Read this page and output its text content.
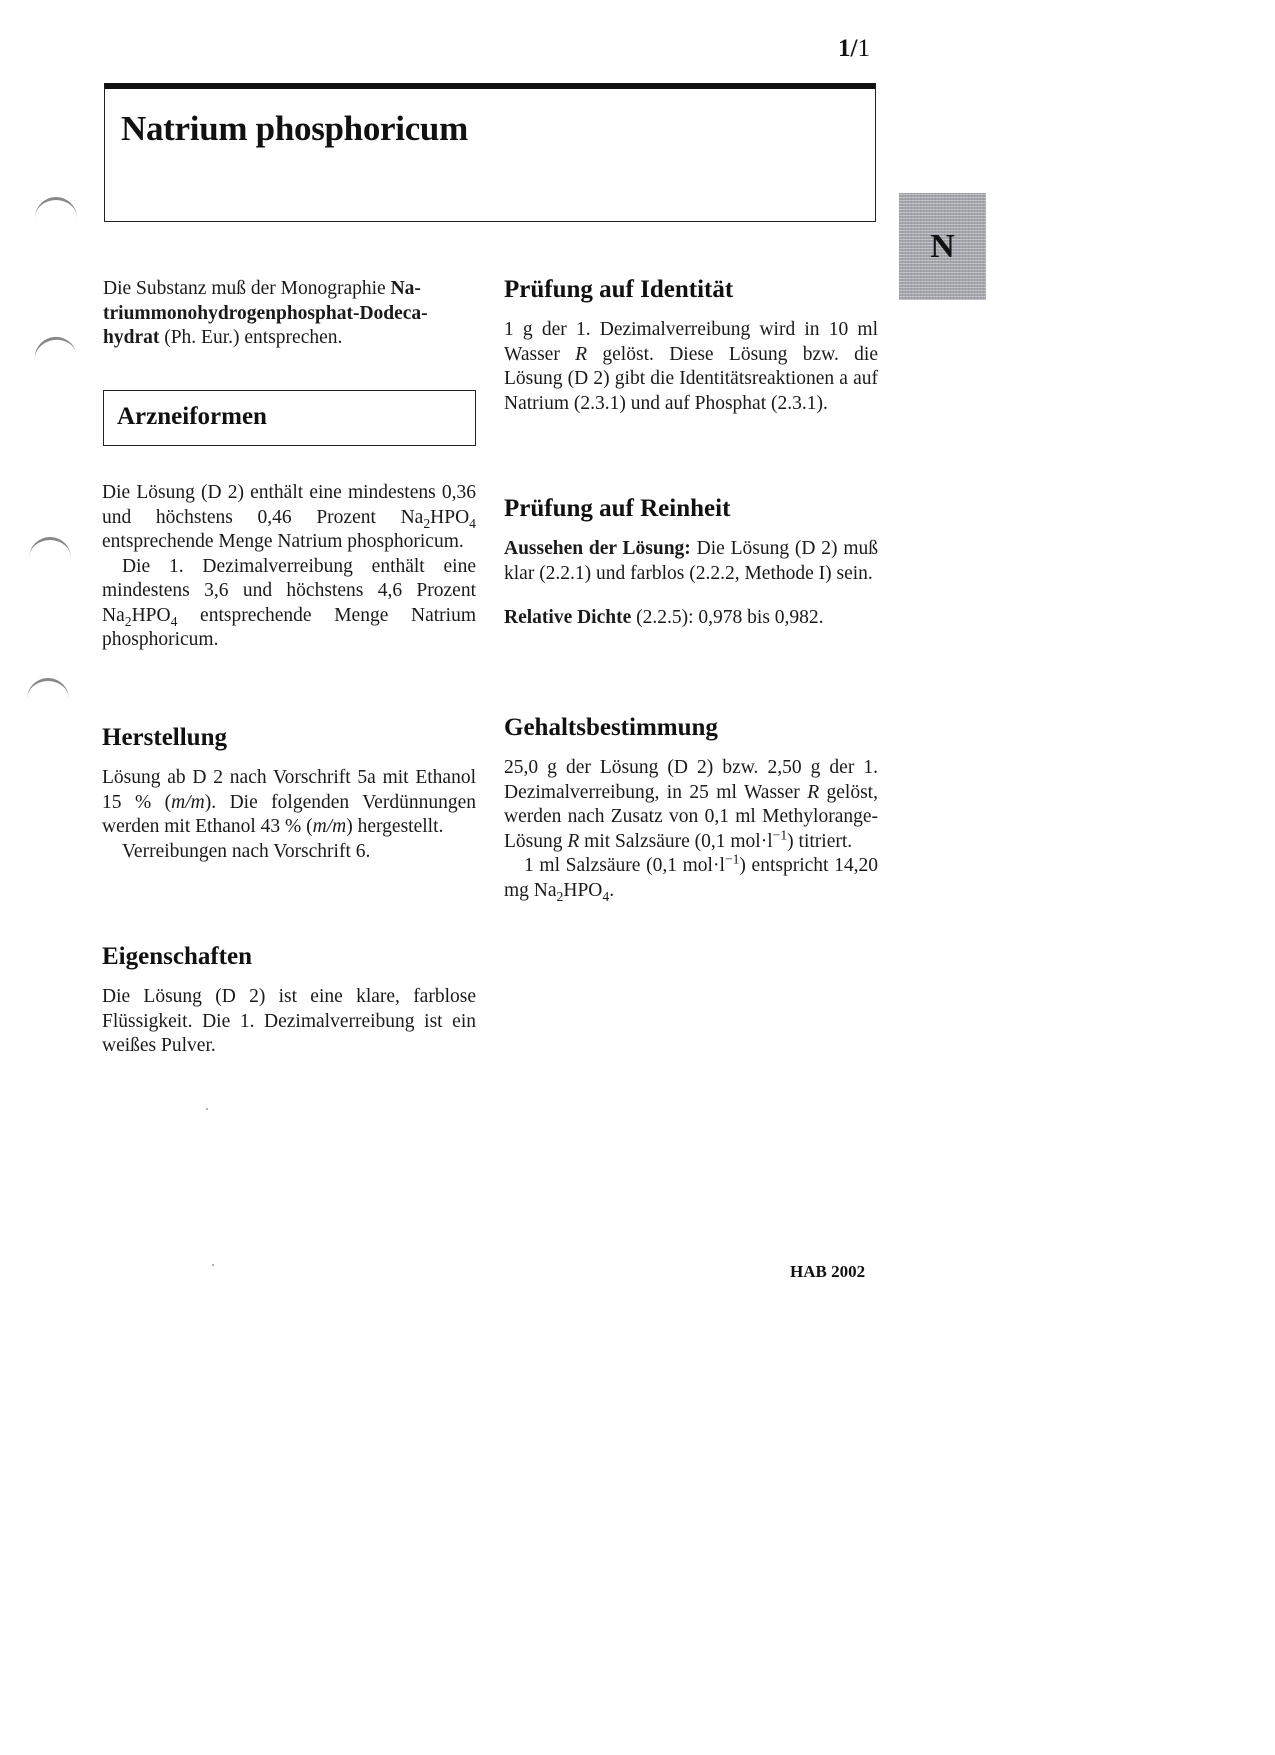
1/1
Natrium phosphoricum
N

Die Substanz muß der Monographie Na-
triummonohydrogenphosphat-Dodeca-
hydrat (Ph. Eur.) entsprechen.

Arzneiformen

Die Lösung (D 2) enthält eine mindestens 0,36 und höchstens 0,46 Prozent $Na_2HPO_4$ entsprechende Menge Natrium phosphoricum.

Die 1. Dezimalverreibung enthält eine mindestens 3,6 und höchstens 4,6 Prozent $Na_2HPO_4$ entsprechende Menge Natrium phosphoricum.

Herstellung

Lösung ab D 2 nach Vorschrift 5a mit Ethanol 15 % (m/m). Die folgenden Verdünnungen werden mit Ethanol 43 % (m/m) hergestellt.

Verreibungen nach Vorschrift 6.

Eigenschaften

Die Lösung (D 2) ist eine klare, farblose Flüssigkeit. Die 1. Dezimalverreibung ist ein weißes Pulver.

Prüfung auf Identität

1 g der 1. Dezimalverreibung wird in 10 ml Wasser R gelöst. Diese Lösung bzw. die Lösung (D 2) gibt die Identitätsreaktionen a auf Natrium (2.3.1) und auf Phosphat (2.3.1).

Prüfung auf Reinheit

Aussehen der Lösung: Die Lösung (D 2) muß klar (2.2.1) und farblos (2.2.2, Methode I) sein.

Relative Dichte (2.2.5): 0,978 bis 0,982.

Gehaltsbestimmung

25,0 g der Lösung (D 2) bzw. 2,50 g der 1. Dezimalverreibung, in 25 ml Wasser R gelöst, werden nach Zusatz von 0,1 ml Methylorange-Lösung R mit Salzsäure (0,1 $mol\cdot l^{-1}$) titriert.

1 ml Salzsäure (0,1 $mol\cdot l^{-1}$) entspricht 14,20 mg $Na_2HPO_4$.

HAB 2002
